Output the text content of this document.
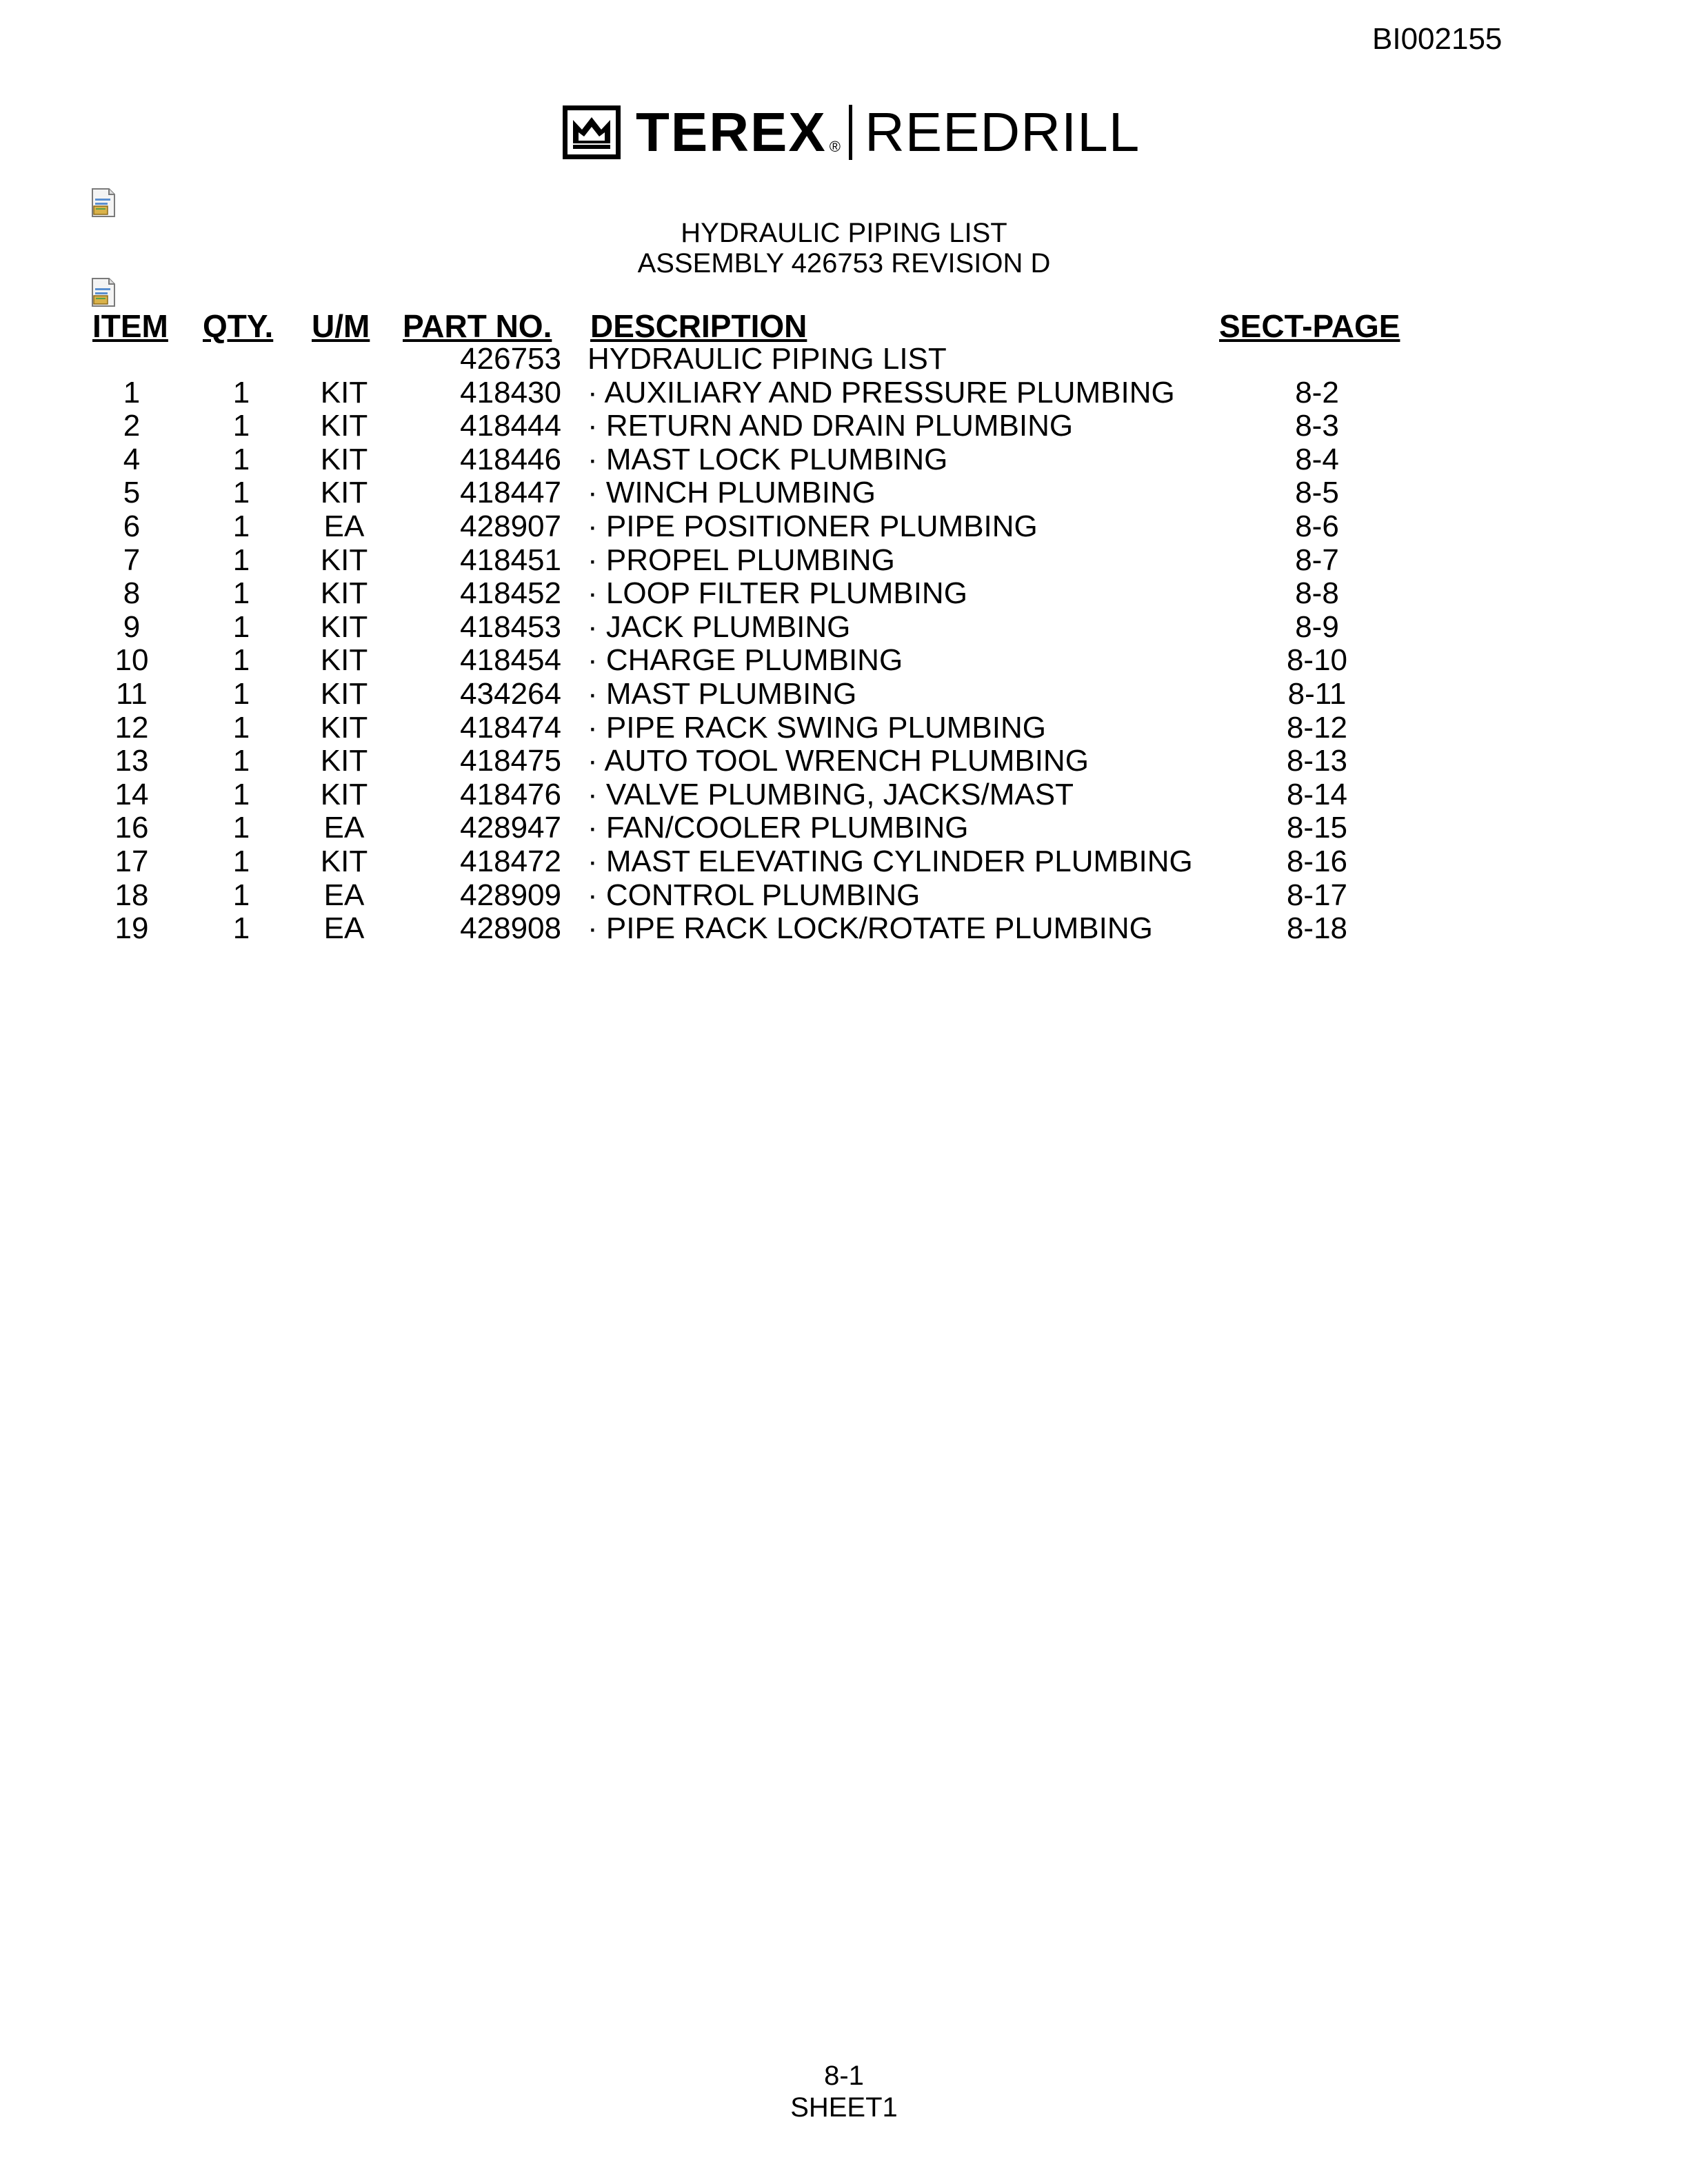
BI002155
TEREX ® REEDRILL
HYDRAULIC PIPING LIST
ASSEMBLY 426753 REVISION D
ITEM QTY. U/M PART NO. DESCRIPTION	SECT-PAGE
426753 HYDRAULIC PIPING LIST
1	1	KIT	418430 · AUXILIARY AND PRESSURE PLUMBING	8-2
2	1	KIT	418444 · RETURN AND DRAIN PLUMBING	8-3
4	1	KIT	418446 · MAST LOCK PLUMBING	8-4
5	1	KIT	418447 · WINCH PLUMBING	8-5
6	1	EA	428907 · PIPE POSITIONER PLUMBING	8-6
7	1	KIT	418451 · PROPEL PLUMBING	8-7
8	1	KIT	418452 · LOOP FILTER PLUMBING	8-8
9	1	KIT	418453 · JACK PLUMBING	8-9
10	1	KIT	418454 · CHARGE PLUMBING	8-10
11	1	KIT	434264 · MAST PLUMBING	8-11
12	1	KIT	418474 · PIPE RACK SWING PLUMBING	8-12
13	1	KIT	418475 · AUTO TOOL WRENCH PLUMBING	8-13
14	1	KIT	418476 · VALVE PLUMBING, JACKS/MAST	8-14
16	1	EA	428947 · FAN/COOLER PLUMBING	8-15
17	1	KIT	418472 · MAST ELEVATING CYLINDER PLUMBING	8-16
18	1	EA	428909 · CONTROL PLUMBING	8-17
19	1	EA	428908 · PIPE RACK LOCK/ROTATE PLUMBING	8-18
8-1
SHEET1
